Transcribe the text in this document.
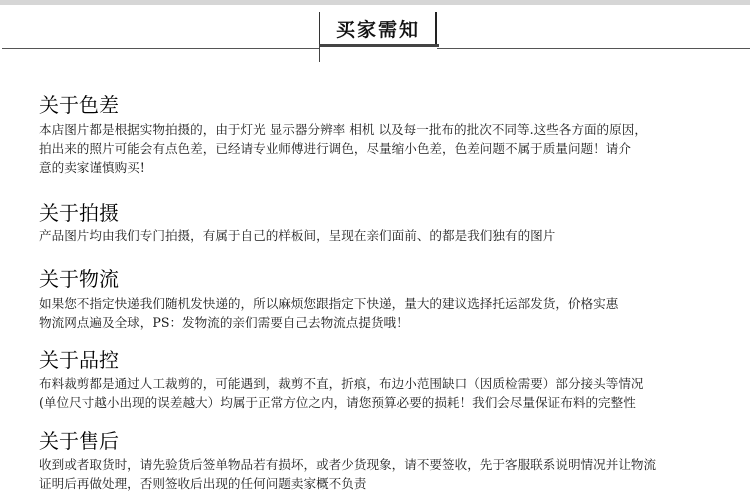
买家需知
关于色差

本店图片都是根据实物拍摄的，由于灯光 显示器分辨率 相机 以及每一批布的批次不同等.这些各方面的原因，
拍出来的照片可能会有点色差，已经请专业师傅进行调色，尽量缩小色差，色差问题不属于质量问题！请介
意的卖家谨慎购买!

关于拍摄

产品图片均由我们专门拍摄，有属于自己的样板间，呈现在亲们面前、的都是我们独有的图片

关于物流

如果您不指定快递我们随机发快递的，所以麻烦您跟指定下快递，量大的建议选择托运部发货，价格实惠
物流网点遍及全球，PS：发物流的亲们需要自己去物流点提货哦！

关于品控

布料裁剪都是通过人工裁剪的，可能遇到，裁剪不直，折痕，布边小范围缺口（因质检需要）部分接头等情况
(单位尺寸越小出现的误差越大）均属于正常方位之内，请您预算必要的损耗！我们会尽量保证布料的完整性

关于售后

收到或者取货时，请先验货后签单物品若有损坏，或者少货现象，请不要签收，先于客服联系说明情况并让物流
证明后再做处理，否则签收后出现的任何问题卖家概不负责
